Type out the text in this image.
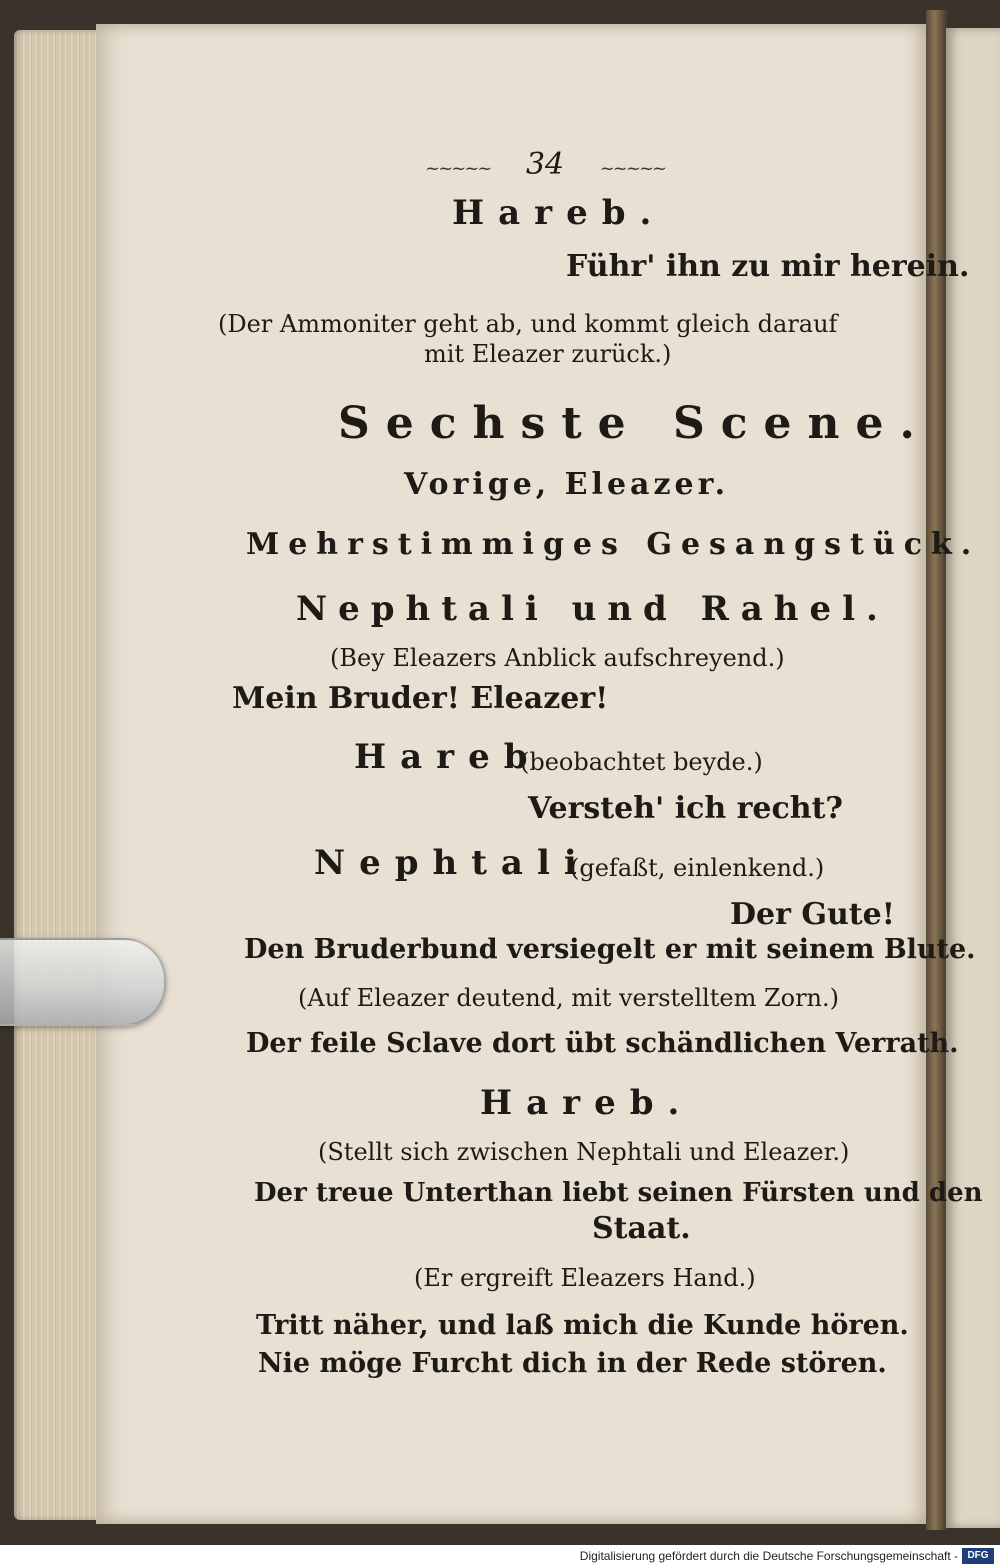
~~~~~ 34 ~~~~~
Hareb.
Führ' ihn zu mir herein.
(Der Ammoniter geht ab, und kommt gleich darauf
mit Eleazer zurück.)
Sechste Scene.
Vorige, Eleazer.
Mehrstimmiges Gesangstück.
Nephtali und Rahel.
(Bey Eleazers Anblick aufschreyend.)
Mein Bruder! Eleazer!
Hareb
(beobachtet beyde.)
Versteh' ich recht?
Nephtali
(gefaßt, einlenkend.)
Der Gute!
Den Bruderbund versiegelt er mit seinem Blute.
(Auf Eleazer deutend, mit verstelltem Zorn.)
Der feile Sclave dort übt schändlichen Verrath.
Hareb.
(Stellt sich zwischen Nephtali und Eleazer.)
Der treue Unterthan liebt seinen Fürsten und den
Staat.
(Er ergreift Eleazers Hand.)
Tritt näher, und laß mich die Kunde hören.
Nie möge Furcht dich in der Rede stören.
Digitalisierung gefördert durch die Deutsche Forschungsgemeinschaft - DFG
